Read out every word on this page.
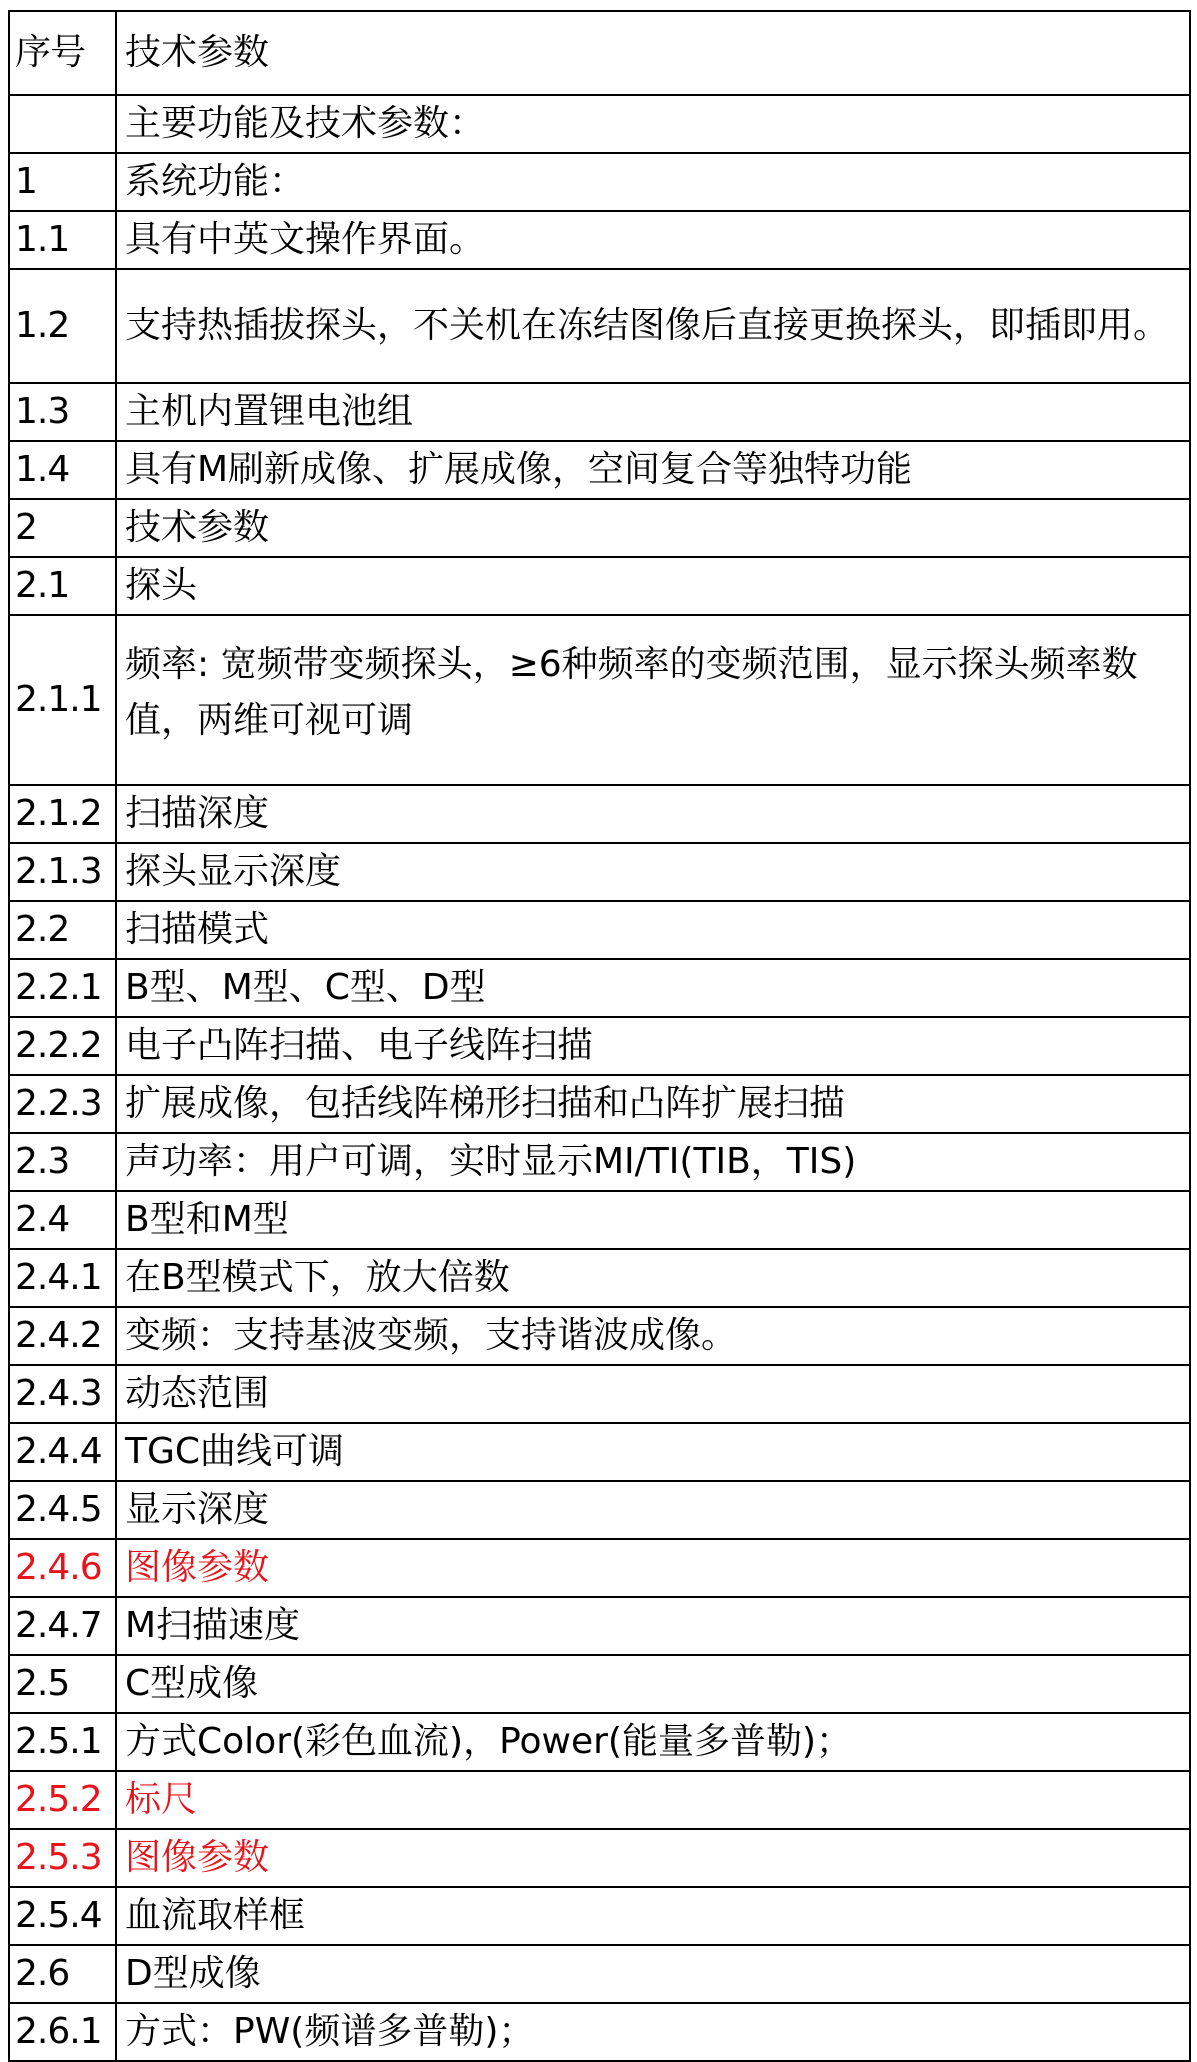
序号	技术参数
	主要功能及技术参数：
1	系统功能：
1.1	具有中英文操作界面。
1.2	支持热插拔探头，不关机在冻结图像后直接更换探头，即插即用。
1.3	主机内置锂电池组
1.4	具有M刷新成像、扩展成像，空间复合等独特功能
2	技术参数
2.1	探头
2.1.1	频率: 宽频带变频探头，≥6种频率的变频范围，显示探头频率数值，两维可视可调
2.1.2	扫描深度
2.1.3	探头显示深度
2.2	扫描模式
2.2.1	B型、M型、C型、D型
2.2.2	电子凸阵扫描、电子线阵扫描
2.2.3	扩展成像，包括线阵梯形扫描和凸阵扩展扫描
2.3	声功率：用户可调，实时显示MI/TI(TIB，TIS)
2.4	B型和M型
2.4.1	在B型模式下，放大倍数
2.4.2	变频：支持基波变频，支持谐波成像。
2.4.3	动态范围
2.4.4	TGC曲线可调
2.4.5	显示深度
2.4.6	图像参数
2.4.7	M扫描速度
2.5	C型成像
2.5.1	方式Color(彩色血流)，Power(能量多普勒)；
2.5.2	标尺
2.5.3	图像参数
2.5.4	血流取样框
2.6	D型成像
2.6.1	方式：PW(频谱多普勒)；
